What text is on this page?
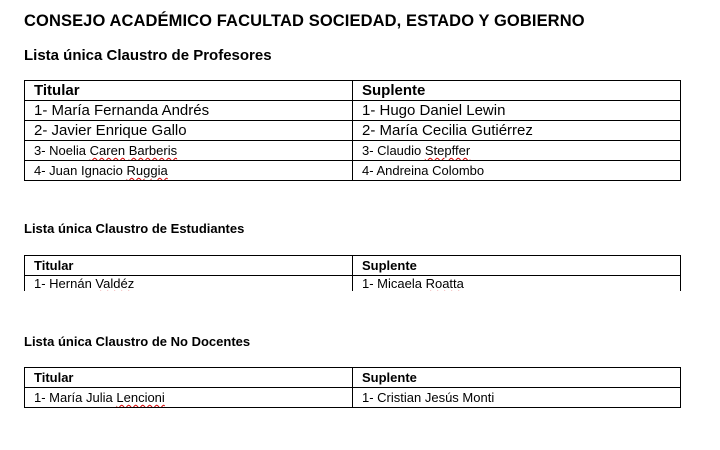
CONSEJO ACADÉMICO FACULTAD SOCIEDAD, ESTADO Y GOBIERNO
Lista única Claustro de Profesores
Titular	Suplente
1- María Fernanda Andrés	1- Hugo Daniel Lewin
2- Javier Enrique Gallo	2- María Cecilia Gutiérrez
3- Noelia Caren Barberis	3- Claudio Stepffer
4- Juan Ignacio Ruggia	4- Andreina Colombo
Lista única Claustro de Estudiantes
Titular	Suplente
1- Hernán Valdéz	1- Micaela Roatta
Lista única Claustro de No Docentes
Titular	Suplente
1- María Julia Lencioni	1- Cristian Jesús Monti
